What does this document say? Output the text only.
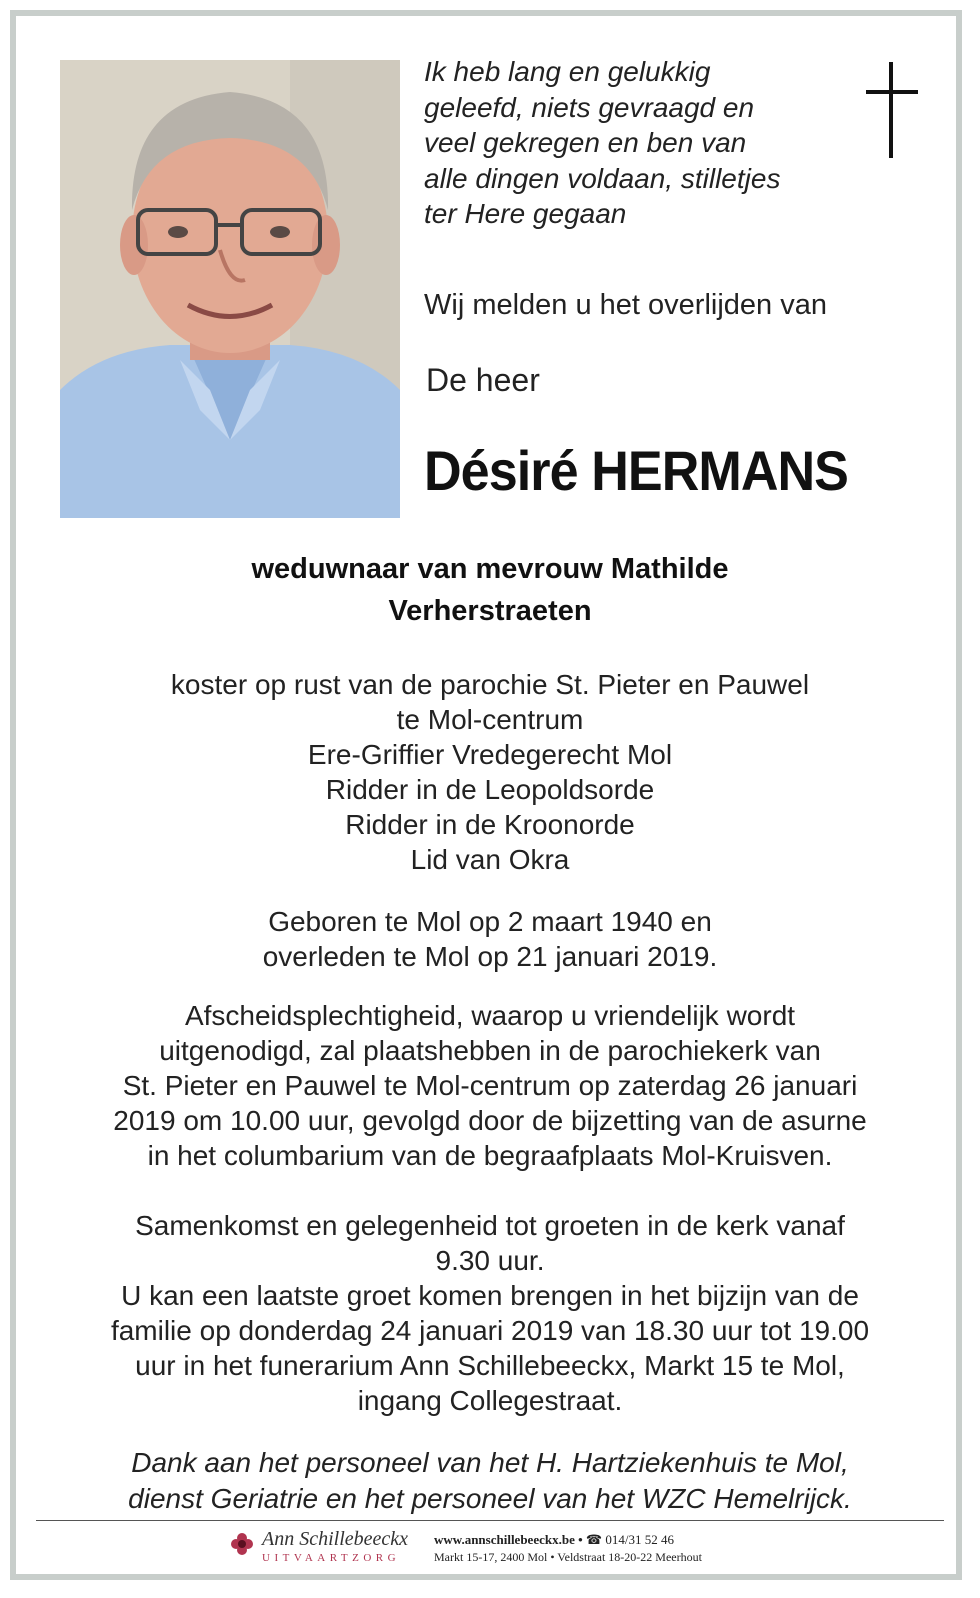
Ik heb lang en gelukkig
geleefd, niets gevraagd en
veel gekregen en ben van
alle dingen voldaan, stilletjes
ter Here gegaan
Wij melden u het overlijden van
De heer
Désiré HERMANS
weduwnaar van mevrouw Mathilde
Verherstraeten
koster op rust van de parochie St. Pieter en Pauwel
te Mol-centrum
Ere-Griffier Vredegerecht Mol
Ridder in de Leopoldsorde
Ridder in de Kroonorde
Lid van Okra
Geboren te Mol op 2 maart 1940 en
overleden te Mol op 21 januari 2019.
Afscheidsplechtigheid, waarop u vriendelijk wordt
uitgenodigd, zal plaatshebben in de parochiekerk van
St. Pieter en Pauwel te Mol-centrum op zaterdag 26 januari
2019 om 10.00 uur, gevolgd door de bijzetting van de asurne
in het columbarium van de begraafplaats Mol-Kruisven.
Samenkomst en gelegenheid tot groeten in de kerk vanaf
9.30 uur.
U kan een laatste groet komen brengen in het bijzijn van de
familie op donderdag 24 januari 2019 van 18.30 uur tot 19.00
uur in het funerarium Ann Schillebeeckx, Markt 15 te Mol,
ingang Collegestraat.
Dank aan het personeel van het H. Hartziekenhuis te Mol,
dienst Geriatrie en het personeel van het WZC Hemelrijck.
Ann Schillebeeckx
UITVAARTZORG
www.annschillebeeckx.be • ☎ 014/31 52 46
Markt 15-17, 2400 Mol • Veldstraat 18-20-22 Meerhout
